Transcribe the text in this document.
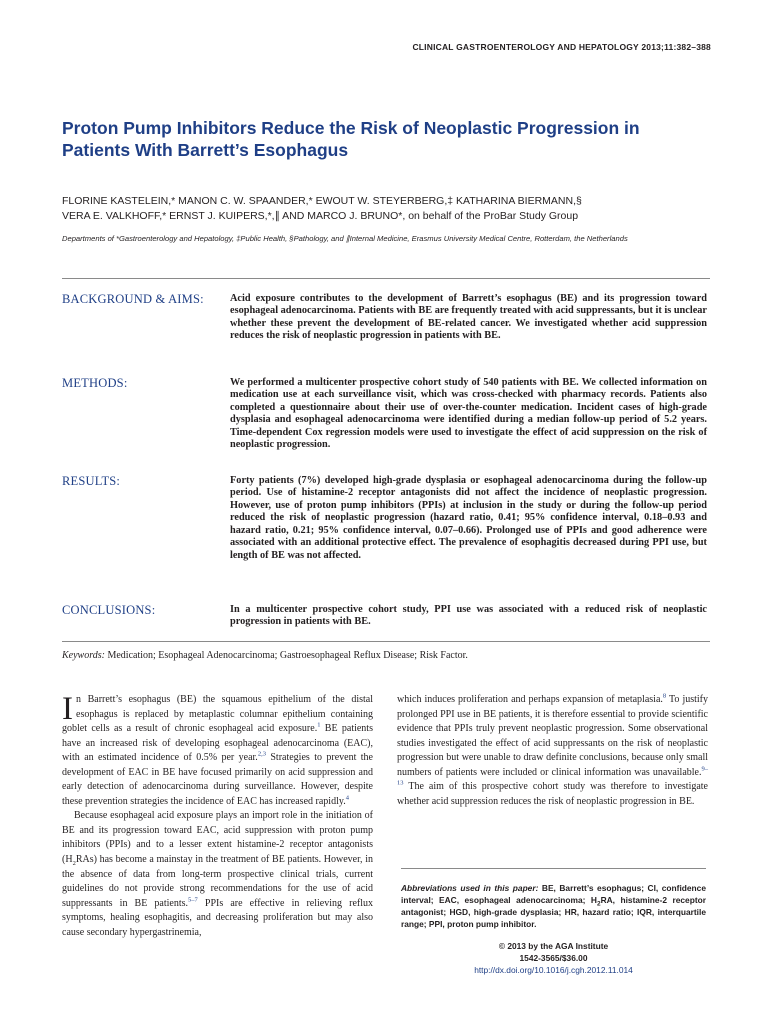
CLINICAL GASTROENTEROLOGY AND HEPATOLOGY 2013;11:382–388
Proton Pump Inhibitors Reduce the Risk of Neoplastic Progression in Patients With Barrett’s Esophagus
FLORINE KASTELEIN,* MANON C. W. SPAANDER,* EWOUT W. STEYERBERG,‡ KATHARINA BIERMANN,§
VERA E. VALKHOFF,* ERNST J. KUIPERS,*,∥ AND MARCO J. BRUNO*, on behalf of the ProBar Study Group
Departments of *Gastroenterology and Hepatology, ‡Public Health, §Pathology, and ∥Internal Medicine, Erasmus University Medical Centre, Rotterdam, the Netherlands
BACKGROUND & AIMS:	Acid exposure contributes to the development of Barrett’s esophagus (BE) and its progression toward esophageal adenocarcinoma. Patients with BE are frequently treated with acid suppressants, but it is unclear whether these prevent the development of BE-related cancer. We investigated whether acid suppression reduces the risk of neoplastic progression in patients with BE.

METHODS:	We performed a multicenter prospective cohort study of 540 patients with BE. We collected information on medication use at each surveillance visit, which was cross-checked with pharmacy records. Patients also completed a questionnaire about their use of over-the-counter medication. Incident cases of high-grade dysplasia and esophageal adenocarcinoma were identified during a median follow-up period of 5.2 years. Time-dependent Cox regression models were used to investigate the effect of acid suppression on the risk of neoplastic progression.

RESULTS:	Forty patients (7%) developed high-grade dysplasia or esophageal adenocarcinoma during the follow-up period. Use of histamine-2 receptor antagonists did not affect the incidence of neoplastic progression. However, use of proton pump inhibitors (PPIs) at inclusion in the study or during the follow-up period reduced the risk of neoplastic progression (hazard ratio, 0.41; 95% confidence interval, 0.18–0.93 and hazard ratio, 0.21; 95% confidence interval, 0.07–0.66). Prolonged use of PPIs and good adherence were associated with an additional protective effect. The prevalence of esophagitis decreased during PPI use, but length of BE was not affected.

CONCLUSIONS:	In a multicenter prospective cohort study, PPI use was associated with a reduced risk of neoplastic progression in patients with BE.

Keywords: Medication; Esophageal Adenocarcinoma; Gastroesophageal Reflux Disease; Risk Factor.

In Barrett’s esophagus (BE) the squamous epithelium of the distal esophagus is replaced by metaplastic columnar epithelium containing goblet cells as a result of chronic esophageal acid exposure.$^1$ BE patients have an increased risk of developing esophageal adenocarcinoma (EAC), with an estimated incidence of 0.5% per year.$^{2,3}$ Strategies to prevent the development of EAC in BE have focused primarily on acid suppression and early detection of adenocarcinoma during surveillance. However, despite these prevention strategies the incidence of EAC has increased rapidly.$^4$

Because esophageal acid exposure plays an import role in the initiation of BE and its progression toward EAC, acid suppression with proton pump inhibitors (PPIs) and to a lesser extent histamine-2 receptor antagonists $(H_2RAs)$ has become a mainstay in the treatment of BE patients. However, in the absence of data from long-term prospective clinical trials, current guidelines do not provide strong recommendations for the use of acid suppressants in BE patients.$^{5-7}$ PPIs are effective in relieving reflux symptoms, healing esophagitis, and decreasing proliferation but may also cause secondary hypergastrinemia,

which induces proliferation and perhaps expansion of metaplasia.$^8$ To justify prolonged PPI use in BE patients, it is therefore essential to provide scientific evidence that PPIs truly prevent neoplastic progression. Some observational studies investigated the effect of acid suppressants on the risk of neoplastic progression but were unable to draw definite conclusions, because only small numbers of patients were included or clinical information was unavailable.$^{9-13}$ The aim of this prospective cohort study was therefore to investigate whether acid suppression reduces the risk of neoplastic progression in BE.

Abbreviations used in this paper: BE, Barrett’s esophagus; CI, confidence interval; EAC, esophageal adenocarcinoma; $H_2RA$, histamine-2 receptor antagonist; HGD, high-grade dysplasia; HR, hazard ratio; IQR, interquartile range; PPI, proton pump inhibitor.
© 2013 by the AGA Institute
1542-3565/$36.00
http://dx.doi.org/10.1016/j.cgh.2012.11.014
